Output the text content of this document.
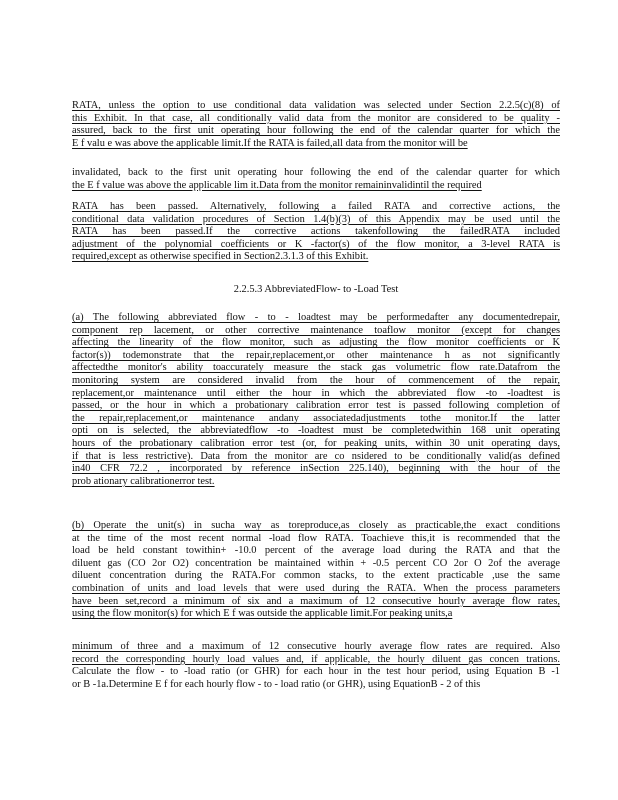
RATA, unless the option to use conditional data validation was selected under Section 2.2.5(c)(8) of
this Exhibit. In that case, all conditionally valid data from the monitor are considered to be quality -
assured, back to the first unit operating hour following the end of the calendar quarter for which the
E f valu e was above the applicable limit.If the RATA is failed,all data from the monitor will be
invalidated, back to the first unit operating hour following the end of the calendar quarter for which
the E f value was above the applicable lim it.Data from the monitor remaininvalidintil the required
RATA has been passed. Alternatively, following a failed RATA and corrective actions, the
conditional data validation procedures of Section 1.4(b)(3) of this Appendix may be used until the
RATA has been passed.If the corrective actions takenfollowing the failedRATA included
adjustment of the polynomial coefficients or K -factor(s) of the flow monitor, a 3-level RATA is
required,except as otherwise specified in Section2.3.1.3 of this Exhibit.
2.2.5.3 AbbreviatedFlow- to -Load Test
(a) The following abbreviated flow - to - loadtest may be performedafter any documentedrepair,
component rep lacement, or other corrective maintenance toaflow monitor (except for changes
affecting the linearity of the flow monitor, such as adjusting the flow monitor coefficients or K
factor(s)) todemonstrate that the repair,replacement,or other maintenance h as not significantly
affectedthe monitor's ability toaccurately measure the stack gas volumetric flow rate.Datafrom the
monitoring system are considered invalid from the hour of commencement of the repair,
replacement,or maintenance until either the hour in which the abbreviated flow -to -loadtest is
passed, or the hour in which a probationary calibration error test is passed following completion of
the repair,replacement,or maintenance andany associatedadjustments tothe monitor.If the latter
opti on is selected, the abbreviatedflow -to -loadtest must be completedwithin 168 unit operating
hours of the probationary calibration error test (or, for peaking units, within 30 unit operating days,
if that is less restrictive). Data from the monitor are co nsidered to be conditionally valid(as defined
in40 CFR 72.2 , incorporated by reference inSection 225.140), beginning with the hour of the
prob ationary calibrationerror test.
(b) Operate the unit(s) in sucha way as toreproduce,as closely as practicable,the exact conditions
at the time of the most recent normal -load flow RATA. Toachieve this,it is recommended that the
load be held constant towithin+ -10.0 percent of the average load during the RATA and that the
diluent gas (CO 2or O2) concentration be maintained within + -0.5 percent CO 2or O 2of the average
diluent concentration during the RATA.For common stacks, to the extent practicable ,use the same
combination of units and load levels that were used during the RATA. When the process parameters
have been set,record a minimum of six and a maximum of 12 consecutive hourly average flow rates,
using the flow monitor(s) for which E f was outside the applicable limit.For peaking units,a
minimum of three and a maximum of 12 consecutive hourly average flow rates are required. Also
record the corresponding hourly load values and, if applicable, the hourly diluent gas concen trations.
Calculate the flow - to -load ratio (or GHR) for each hour in the test hour period, using Equation B -1
or B -1a.Determine E f for each hourly flow - to - load ratio (or GHR), using EquationB - 2 of this
